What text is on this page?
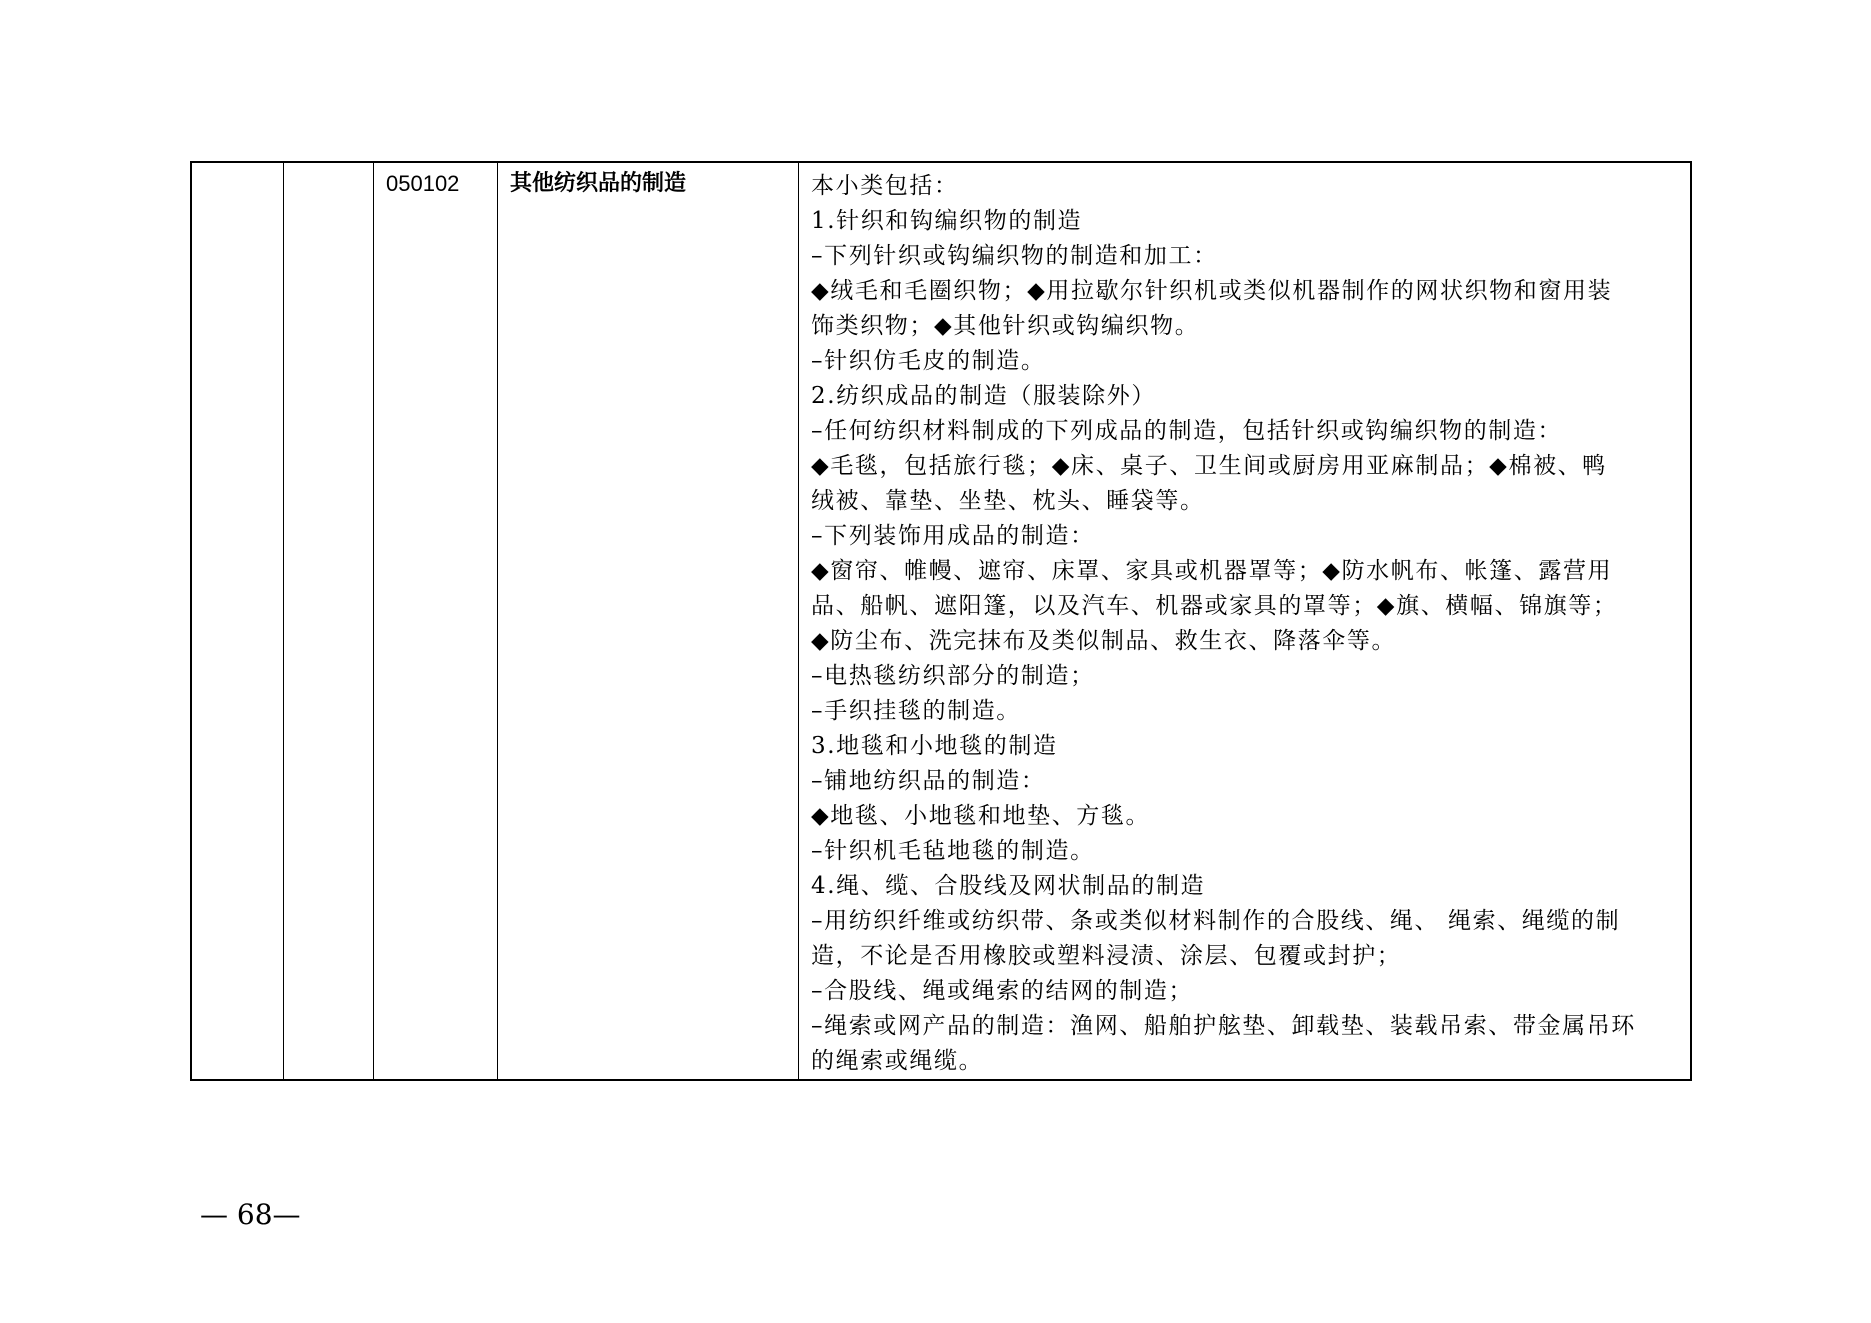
		050102	其他纺织品的制造	本小类包括：
1.针织和钩编织物的制造
–下列针织或钩编织物的制造和加工：
◆绒毛和毛圈织物；◆用拉歇尔针织机或类似机器制作的网状织物和窗用装
饰类织物；◆其他针织或钩编织物。
–针织仿毛皮的制造。
2.纺织成品的制造（服装除外）
–任何纺织材料制成的下列成品的制造，包括针织或钩编织物的制造：
◆毛毯，包括旅行毯；◆床、桌子、卫生间或厨房用亚麻制品；◆棉被、鸭
绒被、靠垫、坐垫、枕头、睡袋等。
–下列装饰用成品的制造：
◆窗帘、帷幔、遮帘、床罩、家具或机器罩等；◆防水帆布、帐篷、露营用
品、船帆、遮阳篷，以及汽车、机器或家具的罩等；◆旗、横幅、锦旗等；
◆防尘布、洗完抹布及类似制品、救生衣、降落伞等。
–电热毯纺织部分的制造；
–手织挂毯的制造。
3.地毯和小地毯的制造
–铺地纺织品的制造：
◆地毯、小地毯和地垫、方毯。
–针织机毛毡地毯的制造。
4.绳、缆、合股线及网状制品的制造
–用纺织纤维或纺织带、条或类似材料制作的合股线、绳、 绳索、绳缆的制
造，不论是否用橡胶或塑料浸渍、涂层、包覆或封护；
–合股线、绳或绳索的结网的制造；
–绳索或网产品的制造：渔网、船舶护舷垫、卸载垫、装载吊索、带金属吊环
的绳索或绳缆。
— 68—
